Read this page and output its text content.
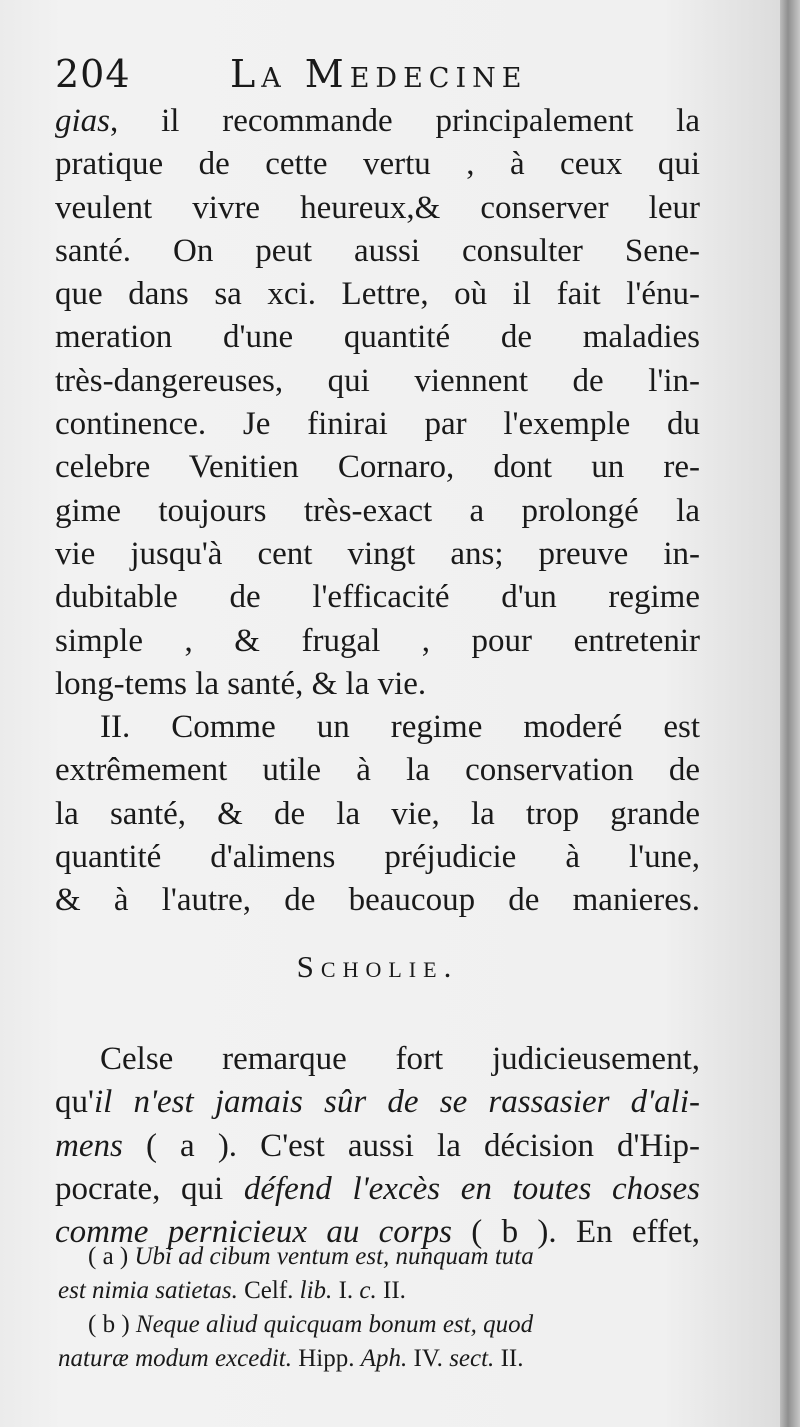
204	La Medecine
gias, il recommande principalement la
pratique de cette vertu , à ceux qui
veulent vivre heureux,& conserver leur
santé. On peut aussi consulter Sene-
que dans sa xci. Lettre, où il fait l'énu-
meration d'une quantité de maladies
très-dangereuses, qui viennent de l'in-
continence. Je finirai par l'exemple du
celebre Venitien Cornaro, dont un re-
gime toujours très-exact a prolongé la
vie jusqu'à cent vingt ans; preuve in-
dubitable de l'efficacité d'un regime
simple , & frugal , pour entretenir
long-tems la santé, & la vie.
II. Comme un regime moderé est
extrêmement utile à la conservation de
la santé, & de la vie, la trop grande
quantité d'alimens préjudicie à l'une,
& à l'autre, de beaucoup de manieres.
Scholie.
Celse remarque fort judicieusement,
qu'il n'est jamais sûr de se rassasier d'ali-
mens ( a ). C'est aussi la décision d'Hip-
pocrate, qui défend l'excès en toutes choses
comme pernicieux au corps ( b ). En effet,
( a ) Ubi ad cibum ventum est, nunquam tuta
est nimia satietas. Celf. lib. I. c. II.
( b ) Neque aliud quicquam bonum est, quod
naturæ modum excedit. Hipp. Aph. IV. sect. II.
